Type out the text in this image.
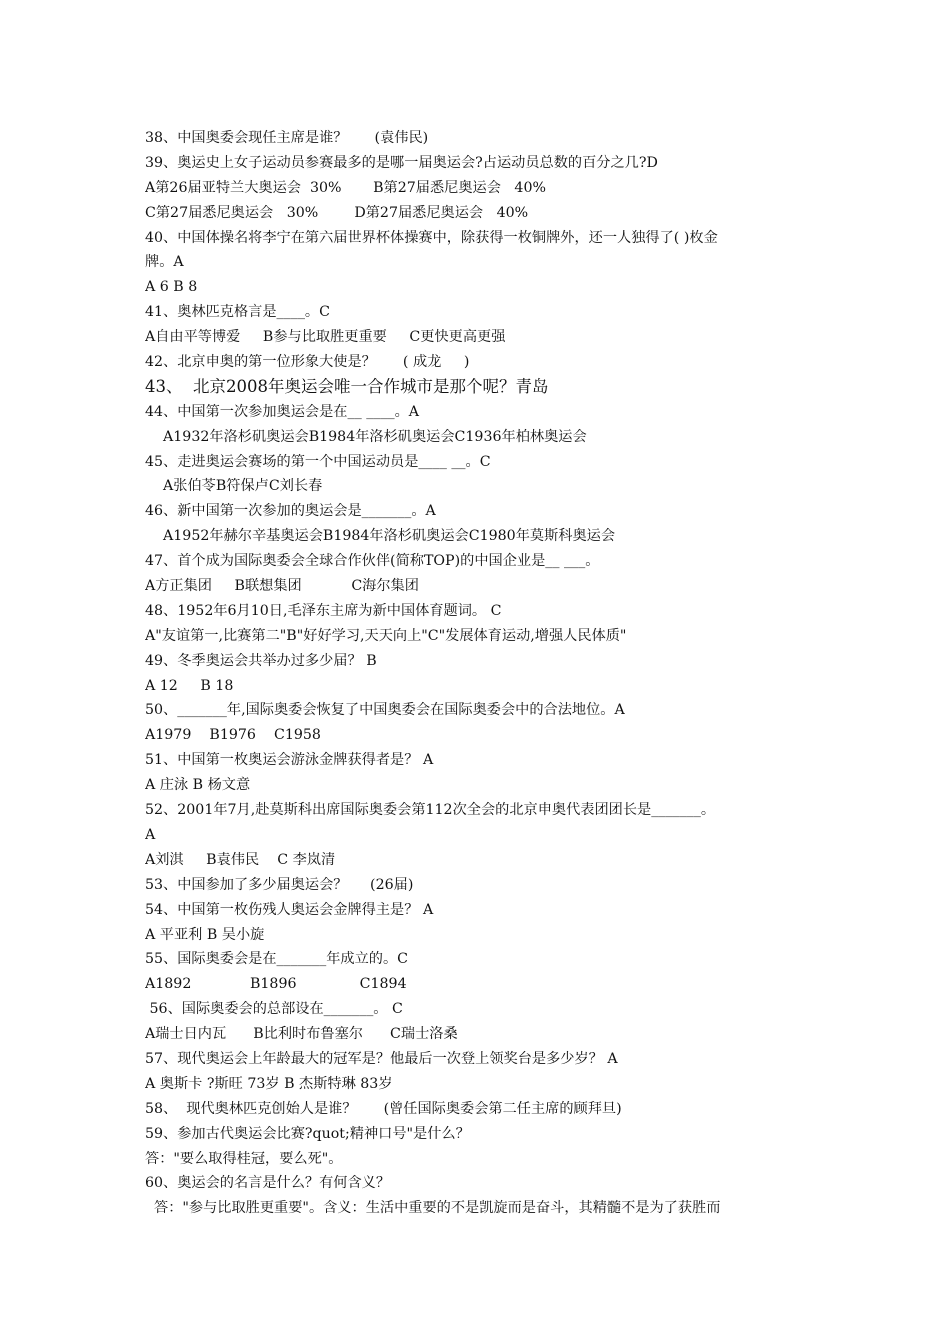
38、中国奥委会现任主席是谁？      (袁伟民)
39、奥运史上女子运动员参赛最多的是哪一届奥运会?占运动员总数的百分之几?D
A第26届亚特兰大奥运会  30%       B第27届悉尼奥运会   40%
C第27届悉尼奥运会   30%        D第27届悉尼奥运会   40%
40、中国体操名将李宁在第六届世界杯体操赛中，除获得一枚铜牌外，还一人独得了( )枚金
牌。A
A 6 B 8
41、奥林匹克格言是____。C
A自由平等博爱     B参与比取胜更重要     C更快更高更强
42、北京申奥的第一位形象大使是？      ( 成龙     )
43、  北京2008年奥运会唯一合作城市是那个呢？青岛
44、中国第一次参加奥运会是在__ ____。A
A1932年洛杉矶奥运会B1984年洛杉矶奥运会C1936年柏林奥运会
45、走进奥运会赛场的第一个中国运动员是____ __。C
A张伯苓B符保卢C刘长春
46、新中国第一次参加的奥运会是_______。A
A1952年赫尔辛基奥运会B1984年洛杉矶奥运会C1980年莫斯科奥运会
47、首个成为国际奥委会全球合作伙伴(简称TOP)的中国企业是__ ___。
A方正集团     B联想集团           C海尔集团
48、1952年6月10日,毛泽东主席为新中国体育题词。 C
A"友谊第一,比赛第二"B"好好学习,天天向上"C"发展体育运动,增强人民体质"
49、冬季奥运会共举办过多少届？ B
A 12     B 18
50、_______年,国际奥委会恢复了中国奥委会在国际奥委会中的合法地位。A
A1979    B1976    C1958
51、中国第一枚奥运会游泳金牌获得者是？ A
A 庄泳 B 杨文意
52、2001年7月,赴莫斯科出席国际奥委会第112次全会的北京申奥代表团团长是_______。
A
A刘淇     B袁伟民    C 李岚清
53、中国参加了多少届奥运会？     (26届)
54、中国第一枚伤残人奥运会金牌得主是？ A
A 平亚利 B 吴小旋
55、国际奥委会是在_______年成立的。C
A1892             B1896              C1894
56、国际奥委会的总部设在_______。 C
A瑞士日内瓦      B比利时布鲁塞尔      C瑞士洛桑
57、现代奥运会上年龄最大的冠军是？他最后一次登上领奖台是多少岁？ A
A 奥斯卡 ?斯旺 73岁 B 杰斯特琳 83岁
58、  现代奥林匹克创始人是谁？      (曾任国际奥委会第二任主席的顾拜旦)
59、参加古代奥运会比赛?quot;精神口号"是什么？
答："要么取得桂冠，要么死"。
60、奥运会的名言是什么？有何含义？
答："参与比取胜更重要"。含义：生活中重要的不是凯旋而是奋斗，其精髓不是为了获胜而
